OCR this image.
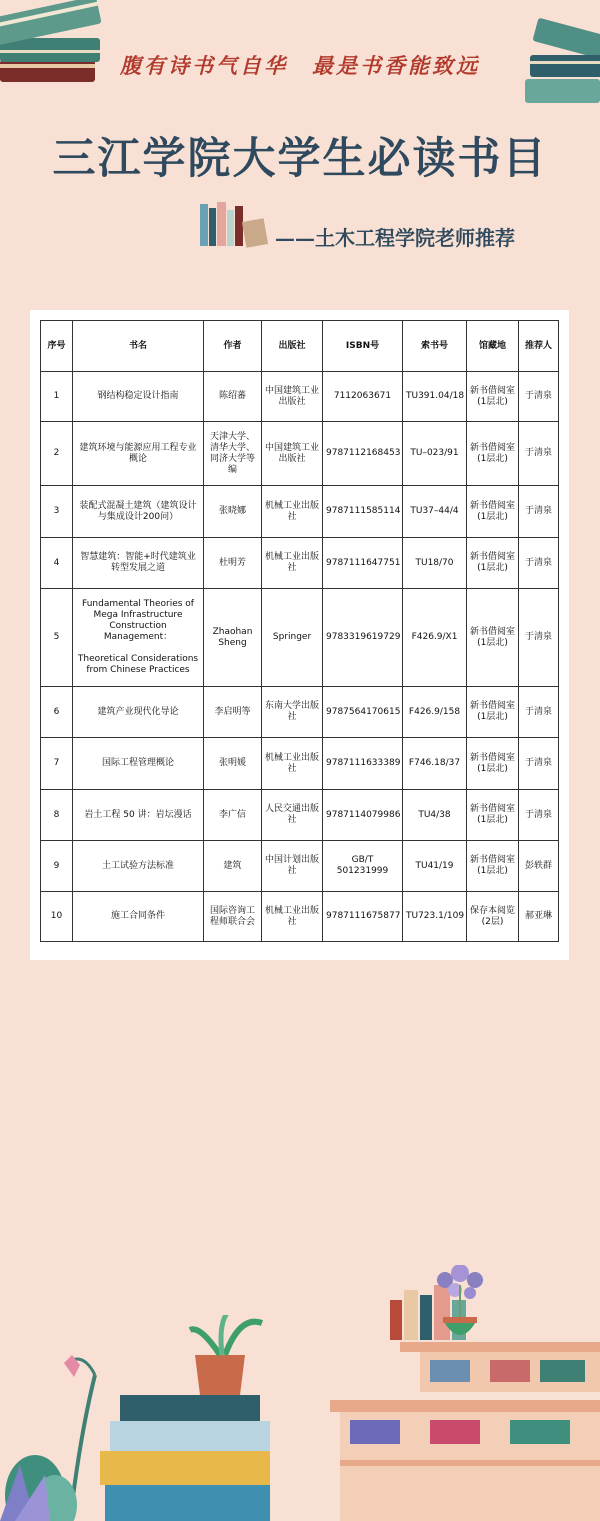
腹有诗书气自华　最是书香能致远
三江学院大学生必读书目
——土木工程学院老师推荐
序号	书名	作者	出版社	ISBN号	索书号	馆藏地	推荐人
1	钢结构稳定设计指南	陈绍蕃	中国建筑工业出版社	7112063671	TU391.04/18	新书借阅室(1层北)	于清泉
2	建筑环境与能源应用工程专业概论	天津大学、清华大学、同济大学等编	中国建筑工业出版社	9787112168453	TU–023/91	新书借阅室(1层北)	于清泉
3	装配式混凝土建筑（建筑设计与集成设计200问）	张晓娜	机械工业出版社	9787111585114	TU37–44/4	新书借阅室(1层北)	于清泉
4	智慧建筑：智能+时代建筑业转型发展之道	杜明芳	机械工业出版社	9787111647751	TU18/70	新书借阅室(1层北)	于清泉
5	Fundamental Theories of Mega Infrastructure Construction Management：

Theoretical Considerations from Chinese Practices	Zhaohan Sheng	Springer	9783319619729	F426.9/X1	新书借阅室(1层北)	于清泉
6	建筑产业现代化导论	李启明等	东南大学出版社	9787564170615	F426.9/158	新书借阅室(1层北)	于清泉
7	国际工程管理概论	张明媛	机械工业出版社	9787111633389	F746.18/37	新书借阅室(1层北)	于清泉
8	岩土工程 50 讲：岩坛漫话	李广信	人民交通出版社	9787114079986	TU4/38	新书借阅室(1层北)	于清泉
9	土工试验方法标准	建筑	中国计划出版社	GB/T 501231999	TU41/19	新书借阅室(1层北)	彭轶群
10	施工合同条件	国际咨询工程师联合会	机械工业出版社	9787111675877	TU723.1/109	保存本阅览(2层)	郝亚琳
